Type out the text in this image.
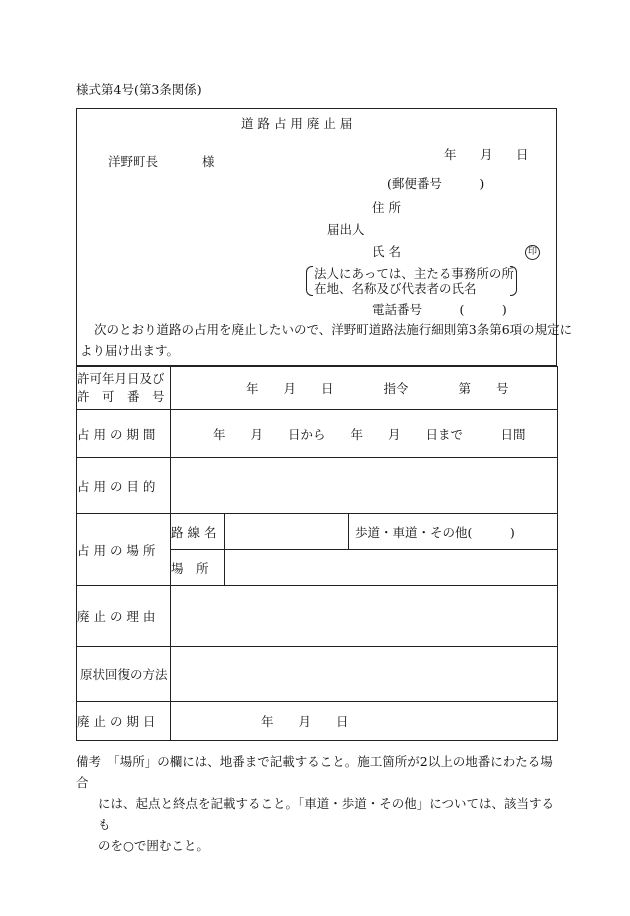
様式第4号(第3条関係)
道 路 占 用 廃 止 届
洋野町長	様	年 月 日
(郵便番号　　　)
住 所
届出人
氏 名	印
法人にあっては、主たる事務所の所
在地、名称及び代表者の氏名
電話番号　　　(　　　)
次のとおり道路の占用を廃止したいので、洋野町道路法施行細則第3条第6項の規定に
より届け出ます。
許可年月日及び
許　可　番　号	年　　月　　日　　　　指令　　　　第　　号		
占 用 の 期 間	年　　月　　日から　　年　　月　　日まで　　　日間		
占 用 の 目 的			
占 用 の 場 所	路 線 名		歩道・車道・その他(　　　)
	場　所		
廃 止 の 理 由			
原状回復の方法			
廃 止 の 期 日	年　　月　　日		
備考　「場所」の欄には、地番まで記載すること。施工箇所が2以上の地番にわたる場合
には、起点と終点を記載すること。「車道・歩道・その他」については、該当するも
のを○で囲むこと。
